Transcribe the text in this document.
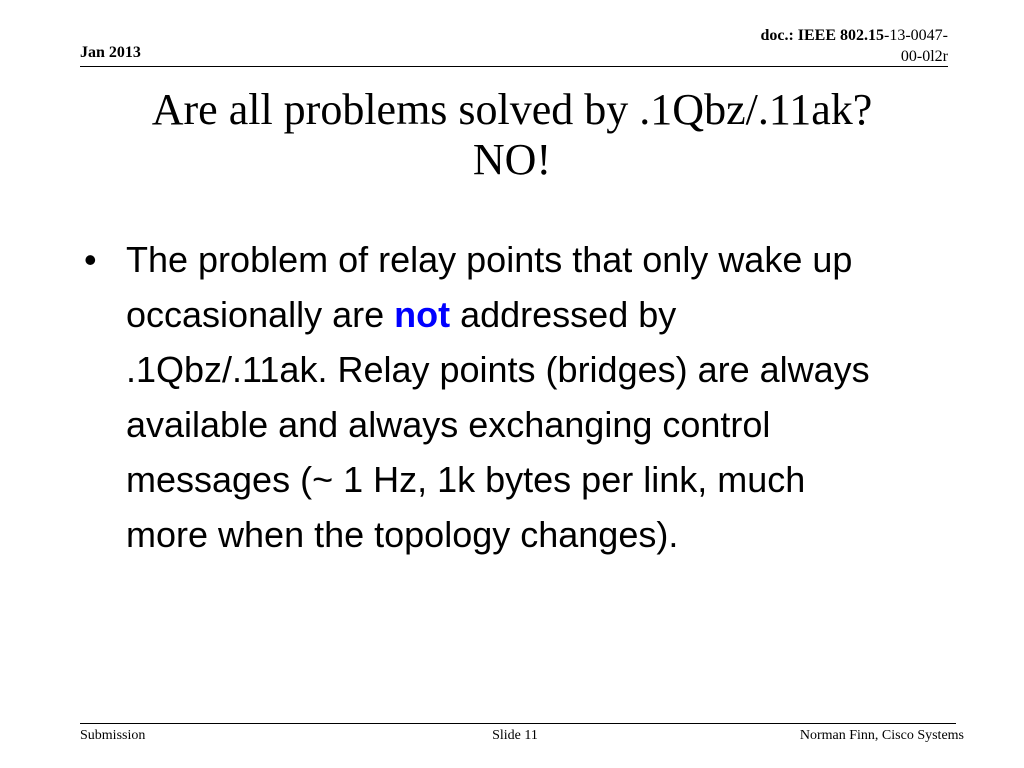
Jan 2013
doc.: IEEE 802.15-13-0047-
00-0l2r
Are all problems solved by .1Qbz/.11ak?
NO!
• The problem of relay points that only wake up occasionally are not addressed by .1Qbz/.11ak. Relay points (bridges) are always available and always exchanging control messages (~ 1 Hz, 1k bytes per link, much more when the topology changes).
Submission	Slide 11	Norman Finn, Cisco Systems
